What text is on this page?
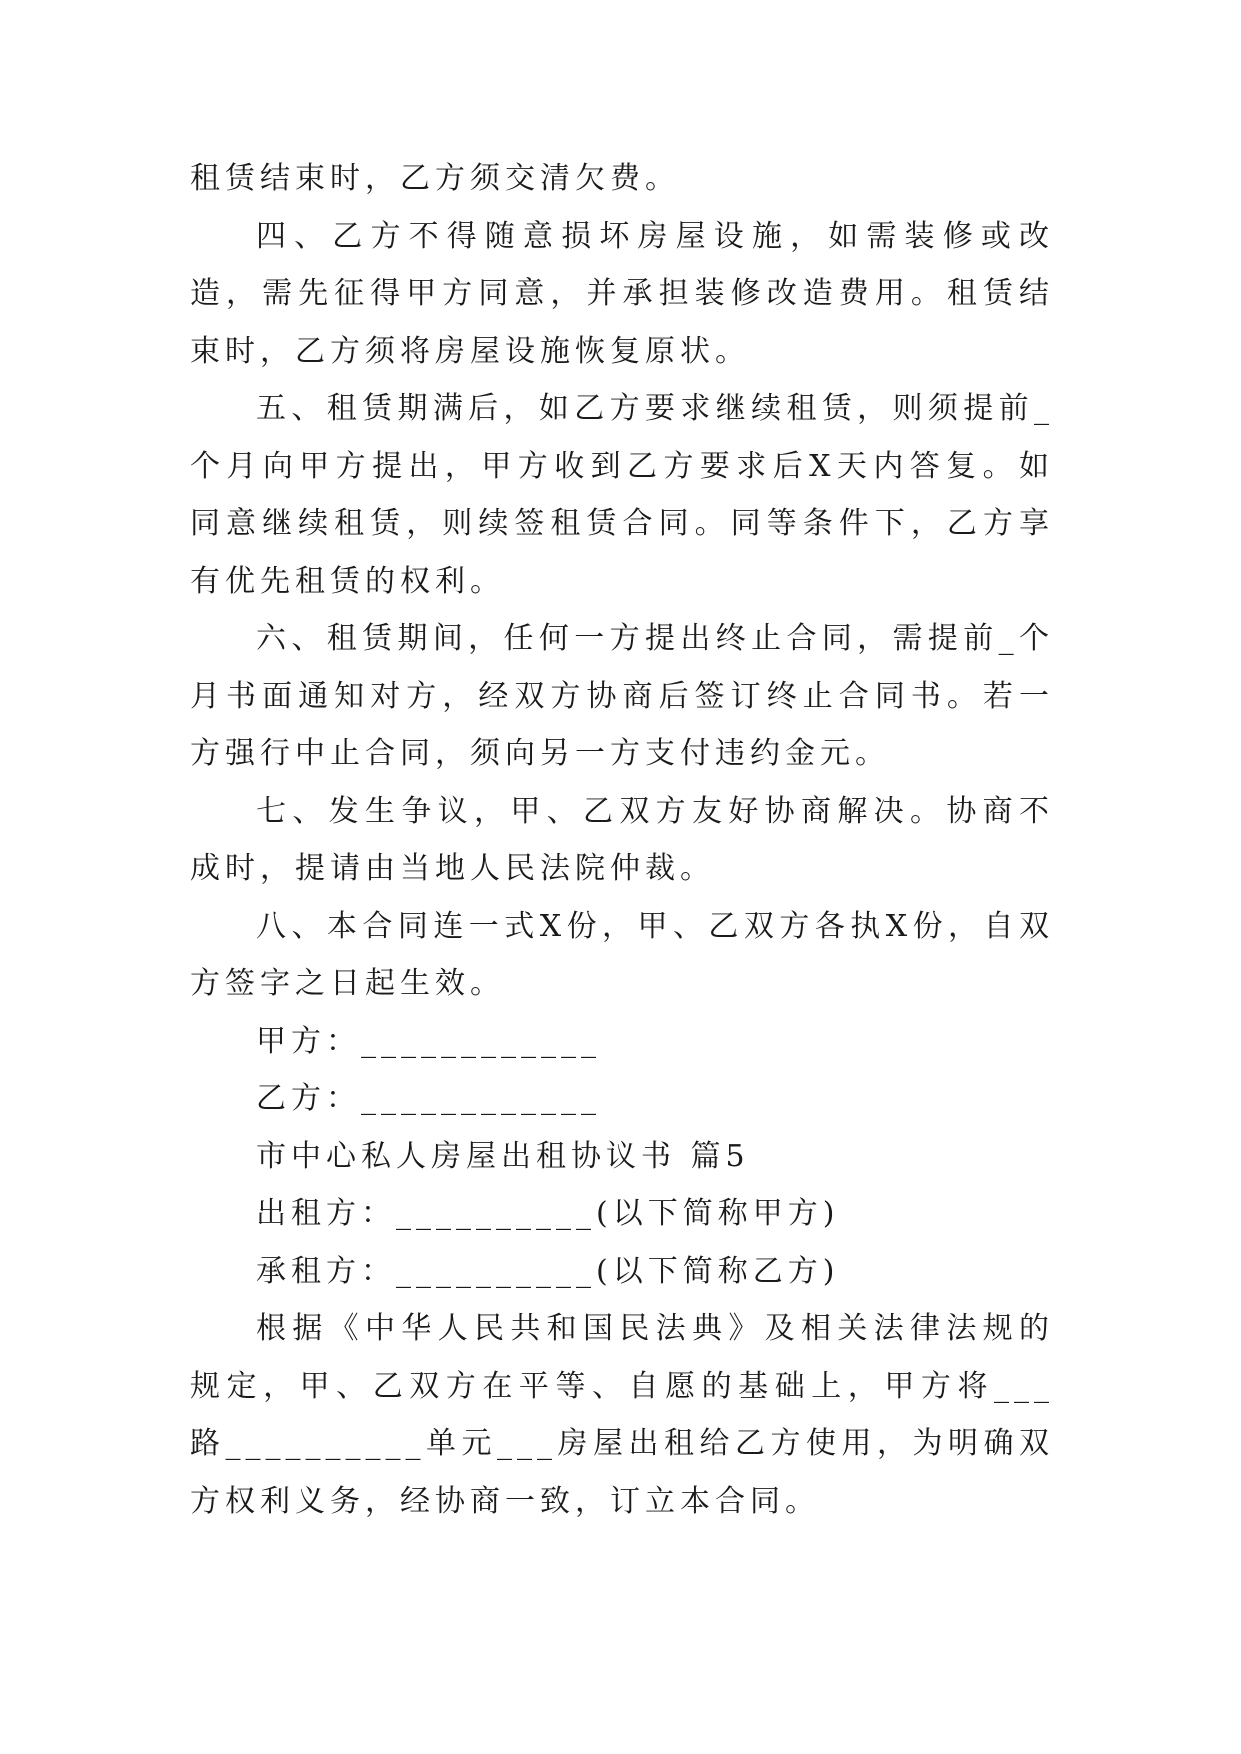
租赁结束时，乙方须交清欠费。

四、乙方不得随意损坏房屋设施，如需装修或改造，需先征得甲方同意，并承担装修改造费用。租赁结束时，乙方须将房屋设施恢复原状。

五、租赁期满后，如乙方要求继续租赁，则须提前_个月向甲方提出，甲方收到乙方要求后X天内答复。如同意继续租赁，则续签租赁合同。同等条件下，乙方享有优先租赁的权利。

六、租赁期间，任何一方提出终止合同，需提前_个月书面通知对方，经双方协商后签订终止合同书。若一方强行中止合同，须向另一方支付违约金元。

七、发生争议，甲、乙双方友好协商解决。协商不成时，提请由当地人民法院仲裁。

八、本合同连一式X份，甲、乙双方各执X份，自双方签字之日起生效。

甲方：____________

乙方：____________

市中心私人房屋出租协议书 篇5

出租方：__________(以下简称甲方)

承租方：__________(以下简称乙方)

根据《中华人民共和国民法典》及相关法律法规的规定，甲、乙双方在平等、自愿的基础上，甲方将___路__________单元___房屋出租给乙方使用，为明确双方权利义务，经协商一致，订立本合同。
